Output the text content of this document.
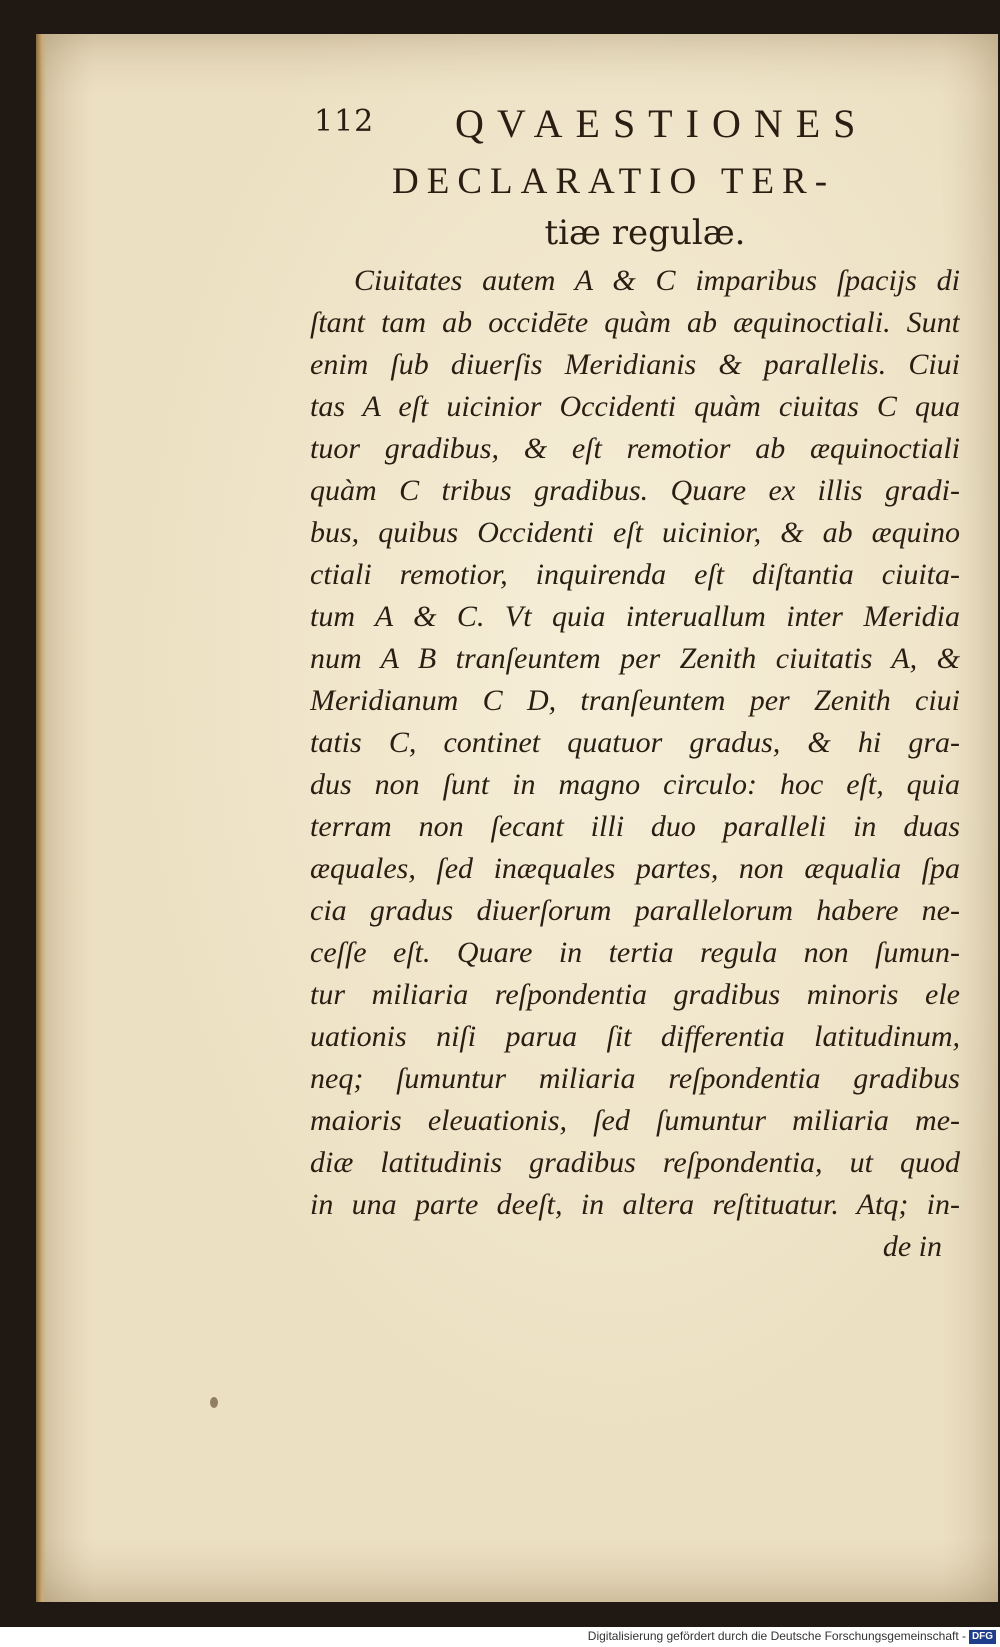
112 QVAESTIONES
DECLARATIO TER-
tiæ regulæ.
Ciuitates autem A & C imparibus ſpacijs di
ſtant tam ab occidēte quàm ab æquinoctiali. Sunt
enim ſub diuerſis Meridianis & parallelis. Ciui
tas A eſt uicinior Occidenti quàm ciuitas C qua
tuor gradibus, & eſt remotior ab æquinoctiali
quàm C tribus gradibus. Quare ex illis gradi-
bus, quibus Occidenti eſt uicinior, & ab æquino
ctiali remotior, inquirenda eſt diſtantia ciuita-
tum A & C. Vt quia interuallum inter Meridia
num A B tranſeuntem per Zenith ciuitatis A, &
Meridianum C D, tranſeuntem per Zenith ciui
tatis C, continet quatuor gradus, & hi gra-
dus non ſunt in magno circulo: hoc eſt, quia
terram non ſecant illi duo paralleli in duas
æquales, ſed inæquales partes, non æqualia ſpa
cia gradus diuerſorum parallelorum habere ne-
ceſſe eſt. Quare in tertia regula non ſumun-
tur miliaria reſpondentia gradibus minoris ele
uationis niſi parua ſit differentia latitudinum,
neq; ſumuntur miliaria reſpondentia gradibus
maioris eleuationis, ſed ſumuntur miliaria me-
diæ latitudinis gradibus reſpondentia, ut quod
in una parte deeſt, in altera reſtituatur. Atq; in-
de in
Digitalisierung gefördert durch die Deutsche Forschungsgemeinschaft - DFG
